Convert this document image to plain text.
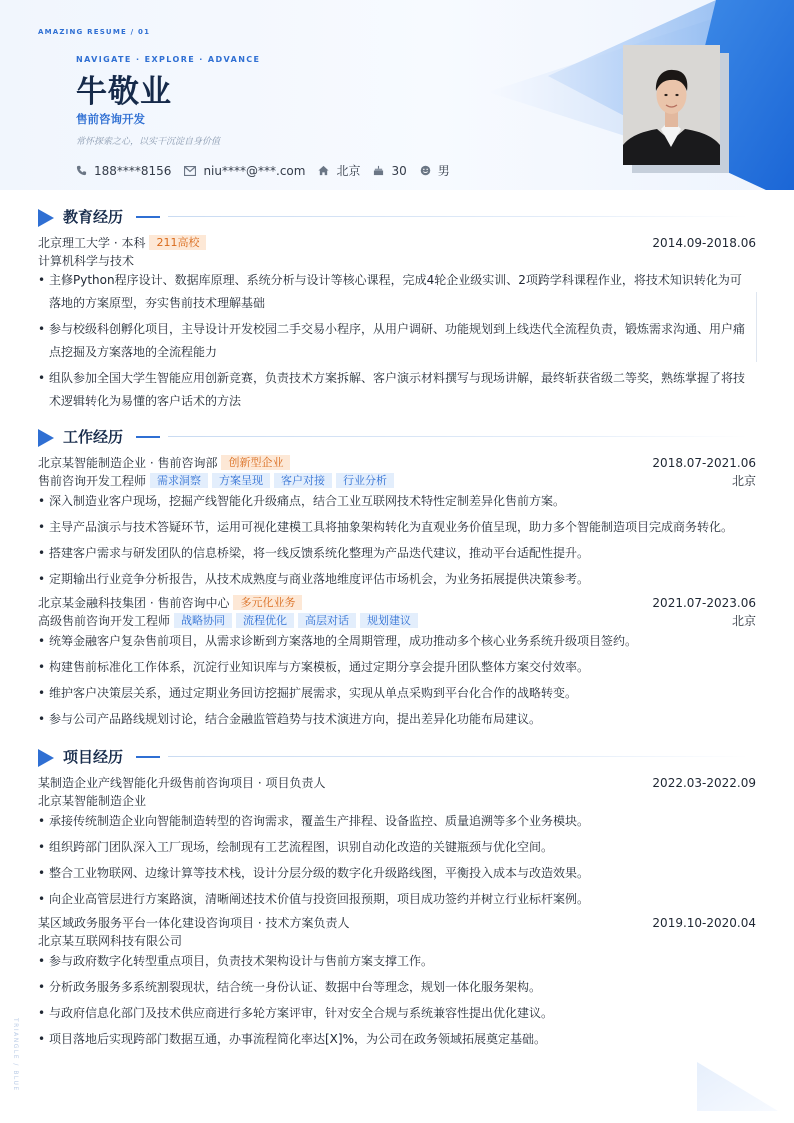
AMAZING RESUME / 01
NAVIGATE · EXPLORE · ADVANCE
牛敬业
售前咨询开发
常怀探索之心，以实干沉淀自身价值
188****8156	niu****@***.com	北京	30	男
教育经历
北京理工大学 · 本科 211高校	2014.09-2018.06
计算机科学与技术
• 主修Python程序设计、数据库原理、系统分析与设计等核心课程，完成4轮企业级实训、2项跨学科课程作业，将技术知识转化为可落地的方案原型，夯实售前技术理解基础
• 参与校级科创孵化项目，主导设计开发校园二手交易小程序，从用户调研、功能规划到上线迭代全流程负责，锻炼需求沟通、用户痛点挖掘及方案落地的全流程能力
• 组队参加全国大学生智能应用创新竞赛，负责技术方案拆解、客户演示材料撰写与现场讲解，最终斩获省级二等奖，熟练掌握了将技术逻辑转化为易懂的客户话术的方法
工作经历
北京某智能制造企业 · 售前咨询部 创新型企业	2018.07-2021.06
售前咨询开发工程师 需求洞察 方案呈现 客户对接 行业分析	北京
• 深入制造业客户现场，挖掘产线智能化升级痛点，结合工业互联网技术特性定制差异化售前方案。
• 主导产品演示与技术答疑环节，运用可视化建模工具将抽象架构转化为直观业务价值呈现，助力多个智能制造项目完成商务转化。
• 搭建客户需求与研发团队的信息桥梁，将一线反馈系统化整理为产品迭代建议，推动平台适配性提升。
• 定期输出行业竞争分析报告，从技术成熟度与商业落地维度评估市场机会，为业务拓展提供决策参考。
北京某金融科技集团 · 售前咨询中心 多元化业务	2021.07-2023.06
高级售前咨询开发工程师 战略协同 流程优化 高层对话 规划建议	北京
• 统筹金融客户复杂售前项目，从需求诊断到方案落地的全周期管理，成功推动多个核心业务系统升级项目签约。
• 构建售前标准化工作体系，沉淀行业知识库与方案模板，通过定期分享会提升团队整体方案交付效率。
• 维护客户决策层关系，通过定期业务回访挖掘扩展需求，实现从单点采购到平台化合作的战略转变。
• 参与公司产品路线规划讨论，结合金融监管趋势与技术演进方向，提出差异化功能布局建议。
项目经历
某制造企业产线智能化升级售前咨询项目 · 项目负责人	2022.03-2022.09
北京某智能制造企业
• 承接传统制造企业向智能制造转型的咨询需求，覆盖生产排程、设备监控、质量追溯等多个业务模块。
• 组织跨部门团队深入工厂现场，绘制现有工艺流程图，识别自动化改造的关键瓶颈与优化空间。
• 整合工业物联网、边缘计算等技术栈，设计分层分级的数字化升级路线图，平衡投入成本与改造效果。
• 向企业高管层进行方案路演，清晰阐述技术价值与投资回报预期，项目成功签约并树立行业标杆案例。
某区域政务服务平台一体化建设咨询项目 · 技术方案负责人	2019.10-2020.04
北京某互联网科技有限公司
• 参与政府数字化转型重点项目，负责技术架构设计与售前方案支撑工作。
• 分析政务服务多系统割裂现状，结合统一身份认证、数据中台等理念，规划一体化服务架构。
• 与政府信息化部门及技术供应商进行多轮方案评审，针对安全合规与系统兼容性提出优化建议。
• 项目落地后实现跨部门数据互通，办事流程简化率达[X]%，为公司在政务领域拓展奠定基础。
TRIANGLE / BLUE
